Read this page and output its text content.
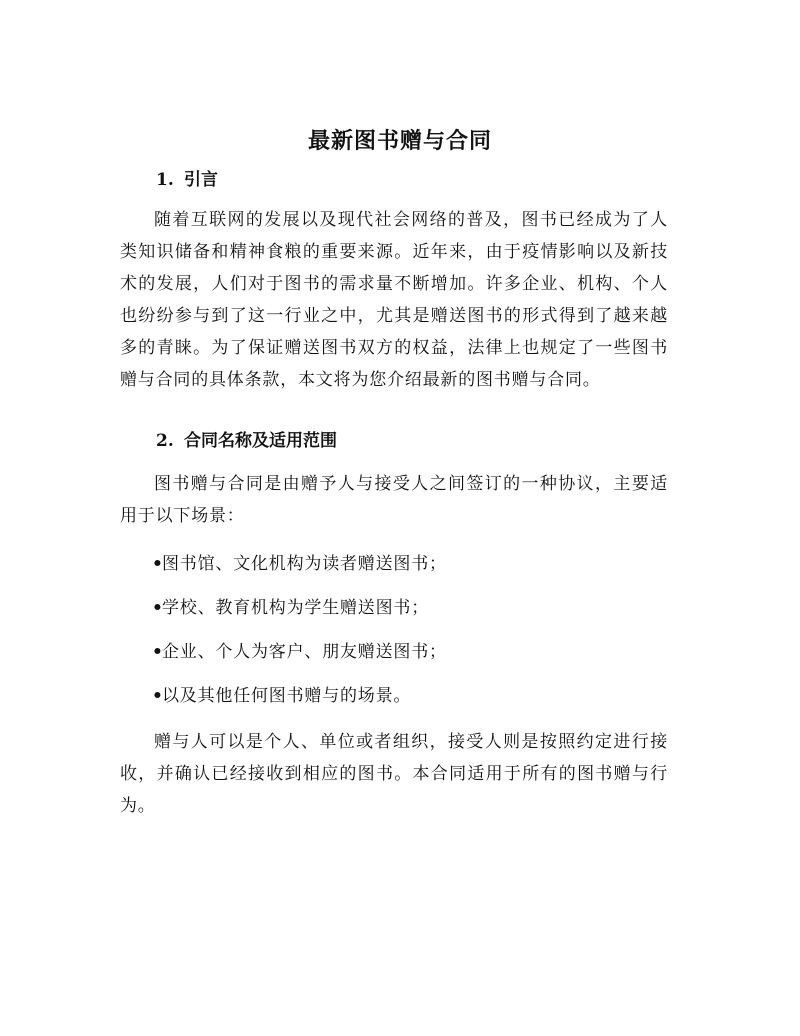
最新图书赠与合同
1. 引言
随着互联网的发展以及现代社会网络的普及，图书已经成为了人类知识储备和精神食粮的重要来源。近年来，由于疫情影响以及新技术的发展，人们对于图书的需求量不断增加。许多企业、机构、个人也纷纷参与到了这一行业之中，尤其是赠送图书的形式得到了越来越多的青睐。为了保证赠送图书双方的权益，法律上也规定了一些图书赠与合同的具体条款，本文将为您介绍最新的图书赠与合同。
2. 合同名称及适用范围
图书赠与合同是由赠予人与接受人之间签订的一种协议，主要适用于以下场景：
•图书馆、文化机构为读者赠送图书；
•学校、教育机构为学生赠送图书；
•企业、个人为客户、朋友赠送图书；
•以及其他任何图书赠与的场景。
赠与人可以是个人、单位或者组织，接受人则是按照约定进行接收，并确认已经接收到相应的图书。本合同适用于所有的图书赠与行为。
